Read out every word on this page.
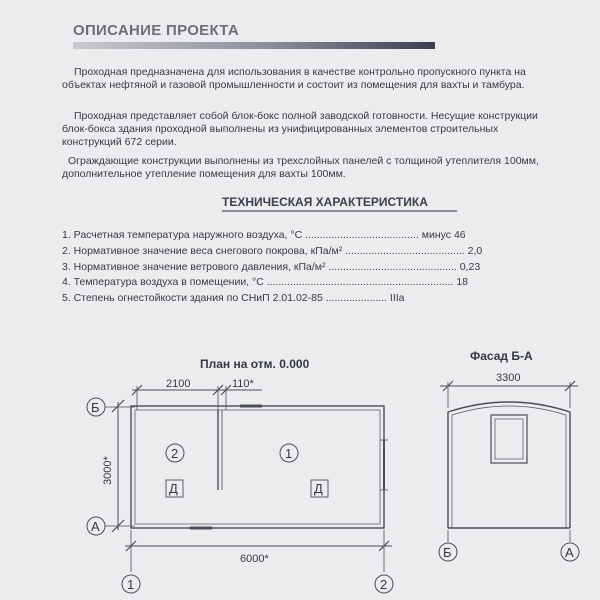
ОПИСАНИЕ ПРОЕКТА

Проходная предназначена для использования в качестве контрольно пропускного пункта на объектах нефтяной и газовой промышленности и состоит из помещения для вахты и тамбура.

Проходная представляет собой блок-бокс полной заводской готовности. Несущие конструкции блок-бокса здания проходной выполнены из унифицированных элементов строительных конструкций 672 серии.

Ограждающие конструкции выполнены из трехслойных панелей с толщиной утеплителя 100мм, дополнительное утепление помещения для вахты 100мм.

ТЕХНИЧЕСКАЯ ХАРАКТЕРИСТИКА
1. Расчетная температура наружного воздуха, °С ....................................... минус 46
2. Нормативное значение веса снегового покрова, кПа/м² ......................................... 2,0
3. Нормативное значение ветрового давления, кПа/м² ............................................ 0,23
4. Температура воздуха в помещении, °С ................................................................ 18
5. Степень огнестойкости здания по СНиП 2.01.02-85 ..................... IIIa
План на отм. 0.000
2100	110*
3000*
Б
А
2	1
Д	Д
6000*
1	2
Фасад Б-А
3300
Б	А
